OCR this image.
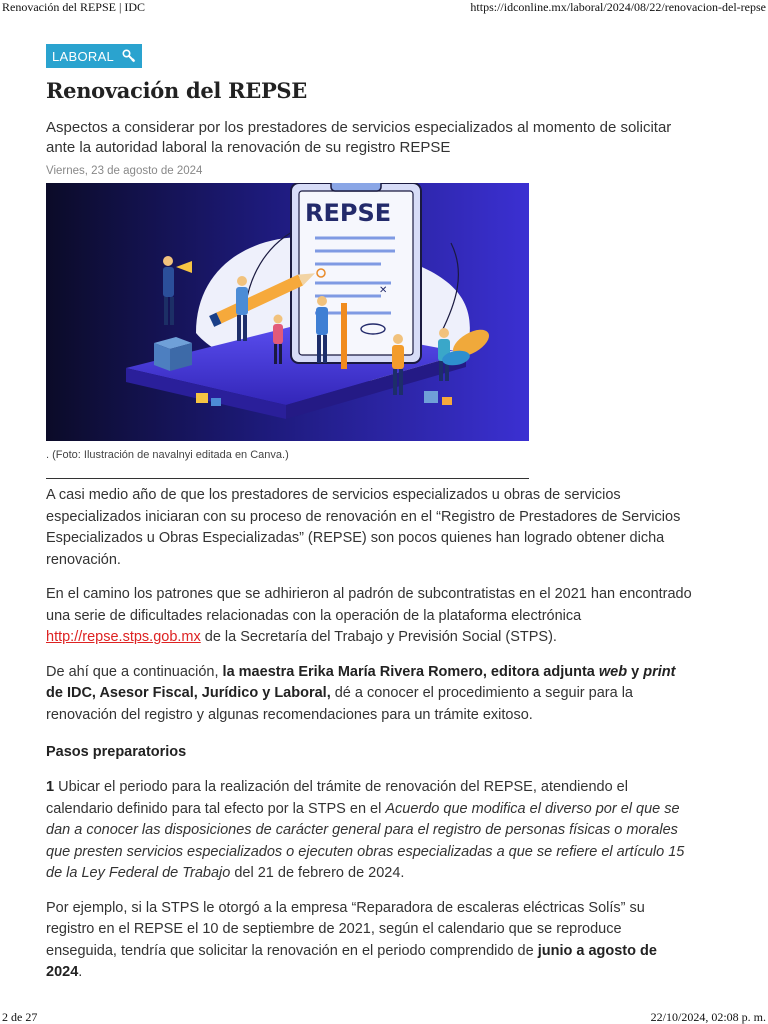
Renovación del REPSE | IDC	https://idconline.mx/laboral/2024/08/22/renovacion-del-repse
LABORAL
Renovación del REPSE

Aspectos a considerar por los prestadores de servicios especializados al momento de solicitar ante la autoridad laboral la renovación de su registro REPSE

Viernes, 23 de agosto de 2024
REPSE
✕
. (Foto: Ilustración de navalnyi editada en Canva.)

A casi medio año de que los prestadores de servicios especializados u obras de servicios especializados iniciaran con su proceso de renovación en el “Registro de Prestadores de Servicios Especializados u Obras Especializadas” (REPSE) son pocos quienes han logrado obtener dicha renovación.

En el camino los patrones que se adhirieron al padrón de subcontratistas en el 2021 han encontrado una serie de dificultades relacionadas con la operación de la plataforma electrónica http://repse.stps.gob.mx de la Secretaría del Trabajo y Previsión Social (STPS).

De ahí que a continuación, la maestra Erika María Rivera Romero, editora adjunta web y print de IDC, Asesor Fiscal, Jurídico y Laboral, dé a conocer el procedimiento a seguir para la renovación del registro y algunas recomendaciones para un trámite exitoso.

Pasos preparatorios

1 Ubicar el periodo para la realización del trámite de renovación del REPSE, atendiendo el calendario definido para tal efecto por la STPS en el Acuerdo que modifica el diverso por el que se dan a conocer las disposiciones de carácter general para el registro de personas físicas o morales que presten servicios especializados o ejecuten obras especializadas a que se refiere el artículo 15 de la Ley Federal de Trabajo del 21 de febrero de 2024.

Por ejemplo, si la STPS le otorgó a la empresa “Reparadora de escaleras eléctricas Solís” su registro en el REPSE el 10 de septiembre de 2021, según el calendario que se reproduce enseguida, tendría que solicitar la renovación en el periodo comprendido de junio a agosto de 2024.

2 de 27	22/10/2024, 02:08 p. m.
